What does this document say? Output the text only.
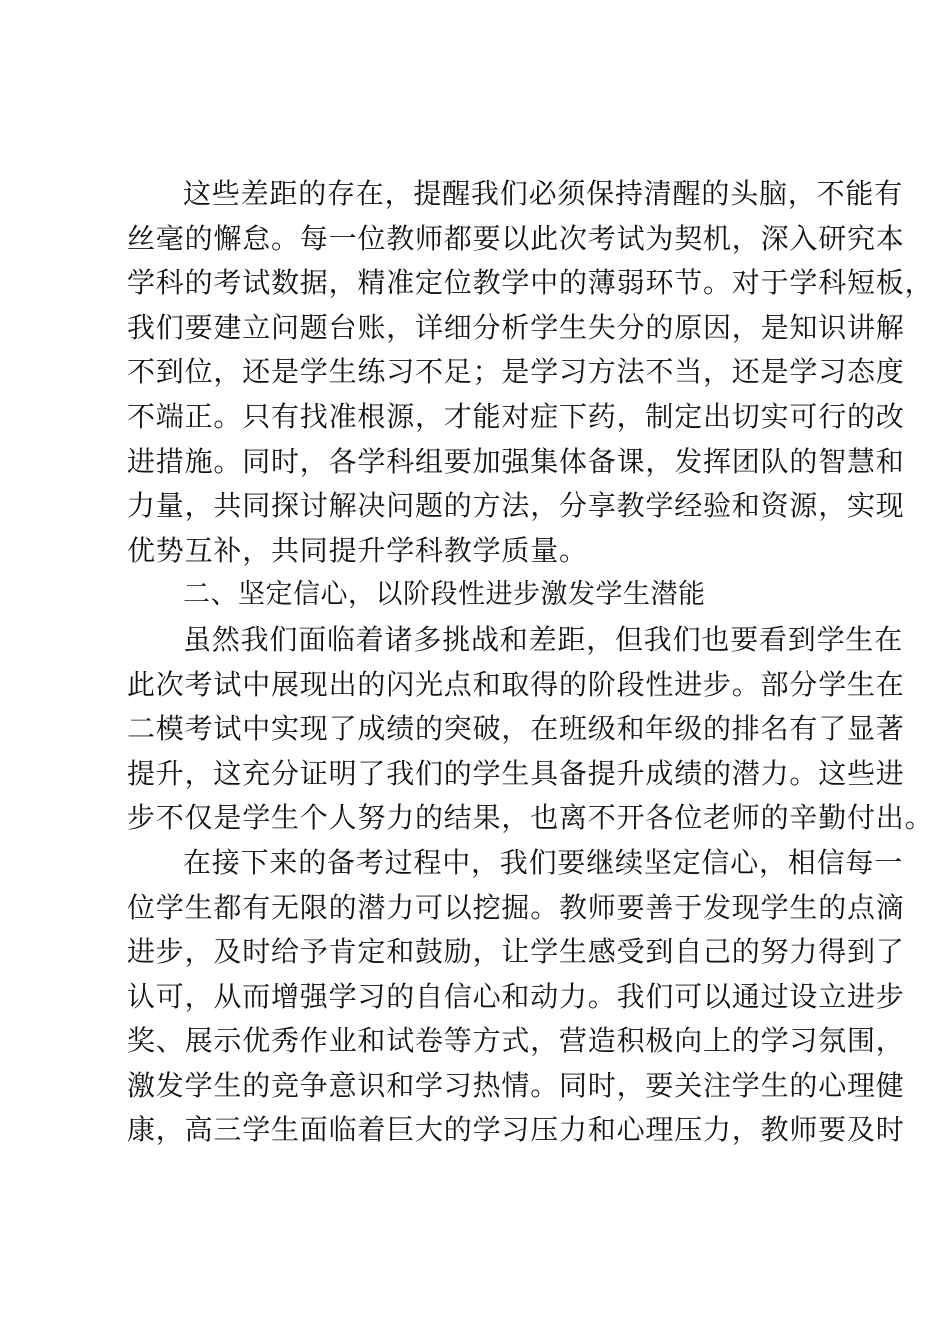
这些差距的存在，提醒我们必须保持清醒的头脑，不能有
丝毫的懈怠。每一位教师都要以此次考试为契机，深入研究本
学科的考试数据，精准定位教学中的薄弱环节。对于学科短板，
我们要建立问题台账，详细分析学生失分的原因，是知识讲解
不到位，还是学生练习不足；是学习方法不当，还是学习态度
不端正。只有找准根源，才能对症下药，制定出切实可行的改
进措施。同时，各学科组要加强集体备课，发挥团队的智慧和
力量，共同探讨解决问题的方法，分享教学经验和资源，实现
优势互补，共同提升学科教学质量。
二、坚定信心，以阶段性进步激发学生潜能
虽然我们面临着诸多挑战和差距，但我们也要看到学生在
此次考试中展现出的闪光点和取得的阶段性进步。部分学生在
二模考试中实现了成绩的突破，在班级和年级的排名有了显著
提升，这充分证明了我们的学生具备提升成绩的潜力。这些进
步不仅是学生个人努力的结果，也离不开各位老师的辛勤付出。
在接下来的备考过程中，我们要继续坚定信心，相信每一
位学生都有无限的潜力可以挖掘。教师要善于发现学生的点滴
进步，及时给予肯定和鼓励，让学生感受到自己的努力得到了
认可，从而增强学习的自信心和动力。我们可以通过设立进步
奖、展示优秀作业和试卷等方式，营造积极向上的学习氛围，
激发学生的竞争意识和学习热情。同时，要关注学生的心理健
康，高三学生面临着巨大的学习压力和心理压力，教师要及时
